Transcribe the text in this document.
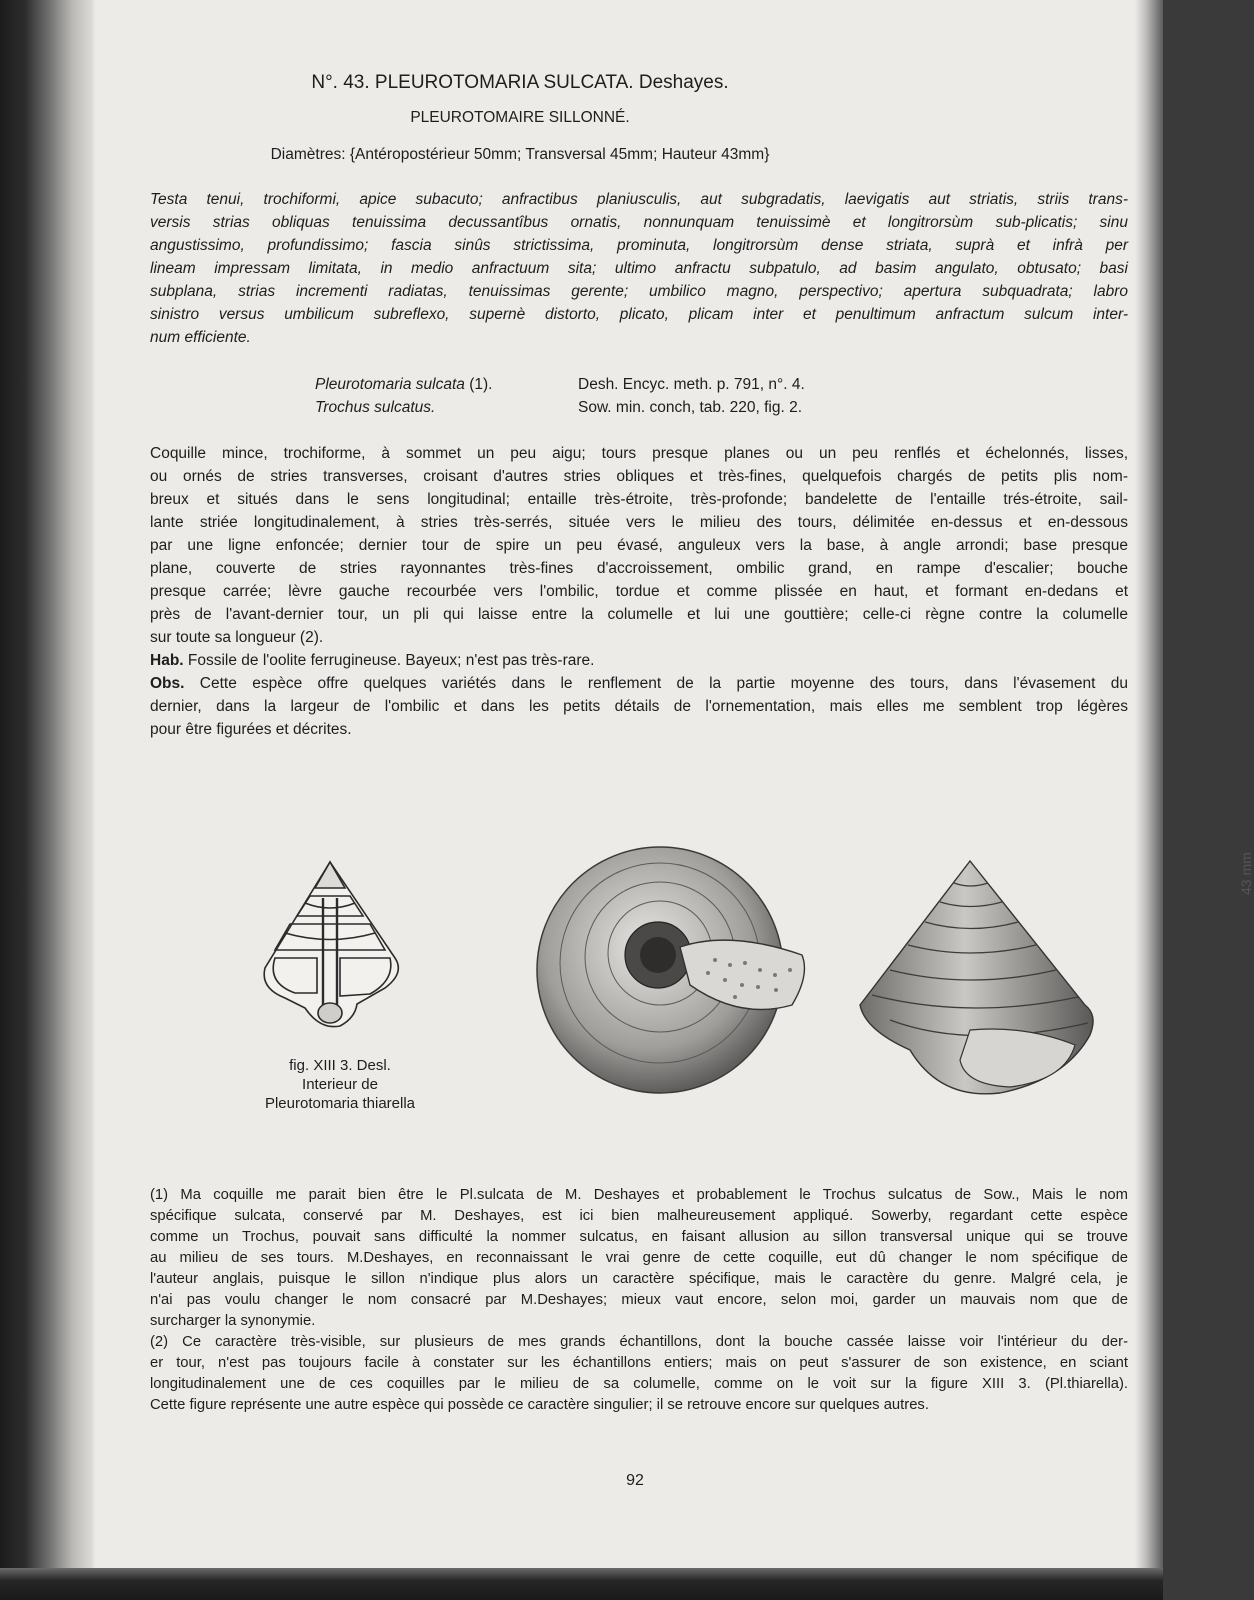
N°. 43. PLEUROTOMARIA SULCATA. Deshayes.
PLEUROTOMAIRE SILLONNÉ.
Diamètres: {Antéropostérieur 50mm; Transversal 45mm; Hauteur 43mm}
Testa tenui, trochiformi, apice subacuto; anfractibus planiusculis, aut subgradatis, laevigatis aut striatis, striis trans-
versis strias obliquas tenuissima decussantîbus ornatis, nonnunquam tenuissimè et longitrorsùm sub-plicatis; sinu
angustissimo, profundissimo; fascia sinûs strictissima, prominuta, longitrorsùm dense striata, suprà et infrà per
lineam impressam limitata, in medio anfractuum sita; ultimo anfractu subpatulo, ad basim angulato, obtusato; basi
subplana, strias incrementi radiatas, tenuissimas gerente; umbilico magno, perspectivo; apertura subquadrata; labro
sinistro versus umbilicum subreflexo, supernè distorto, plicato, plicam inter et penultimum anfractum sulcum inter-
num efficiente.
Pleurotomaria sulcata (1).	Desh. Encyc. meth. p. 791, n°. 4.
Trochus sulcatus.	Sow. min. conch, tab. 220, fig. 2.
Coquille mince, trochiforme, à sommet un peu aigu; tours presque planes ou un peu renflés et échelonnés, lisses,
ou ornés de stries transverses, croisant d'autres stries obliques et très-fines, quelquefois chargés de petits plis nom-
breux et situés dans le sens longitudinal; entaille très-étroite, très-profonde; bandelette de l'entaille trés-étroite, sail-
lante striée longitudinalement, à stries très-serrés, située vers le milieu des tours, délimitée en-dessus et en-dessous
par une ligne enfoncée; dernier tour de spire un peu évasé, anguleux vers la base, à angle arrondi; base presque
plane, couverte de stries rayonnantes très-fines d'accroissement, ombilic grand, en rampe d'escalier; bouche
presque carrée; lèvre gauche recourbée vers l'ombilic, tordue et comme plissée en haut, et formant en-dedans et
près de l'avant-dernier tour, un pli qui laisse entre la columelle et lui une gouttière; celle-ci règne contre la columelle
sur toute sa longueur (2).
Hab. Fossile de l'oolite ferrugineuse. Bayeux; n'est pas très-rare.
Obs. Cette espèce offre quelques variétés dans le renflement de la partie moyenne des tours, dans l'évasement du
dernier, dans la largeur de l'ombilic et dans les petits détails de l'ornementation, mais elles me semblent trop légères
pour être figurées et décrites.
fig. XIII 3. Desl.
Interieur de
Pleurotomaria thiarella
43 mm
(1) Ma coquille me parait bien être le Pl.sulcata de M. Deshayes et probablement le Trochus sulcatus de Sow., Mais le nom
spécifique sulcata, conservé par M. Deshayes, est ici bien malheureusement appliqué. Sowerby, regardant cette espèce
comme un Trochus, pouvait sans difficulté la nommer sulcatus, en faisant allusion au sillon transversal unique qui se trouve
au milieu de ses tours. M.Deshayes, en reconnaissant le vrai genre de cette coquille, eut dû changer le nom spécifique de
l'auteur anglais, puisque le sillon n'indique plus alors un caractère spécifique, mais le caractère du genre. Malgré cela, je
n'ai pas voulu changer le nom consacré par M.Deshayes; mieux vaut encore, selon moi, garder un mauvais nom que de
surcharger la synonymie.
(2) Ce caractère très-visible, sur plusieurs de mes grands échantillons, dont la bouche cassée laisse voir l'intérieur du der-
er tour, n'est pas toujours facile à constater sur les échantillons entiers; mais on peut s'assurer de son existence, en sciant
longitudinalement une de ces coquilles par le milieu de sa columelle, comme on le voit sur la figure XIII 3. (Pl.thiarella).
Cette figure représente une autre espèce qui possède ce caractère singulier; il se retrouve encore sur quelques autres.
92
